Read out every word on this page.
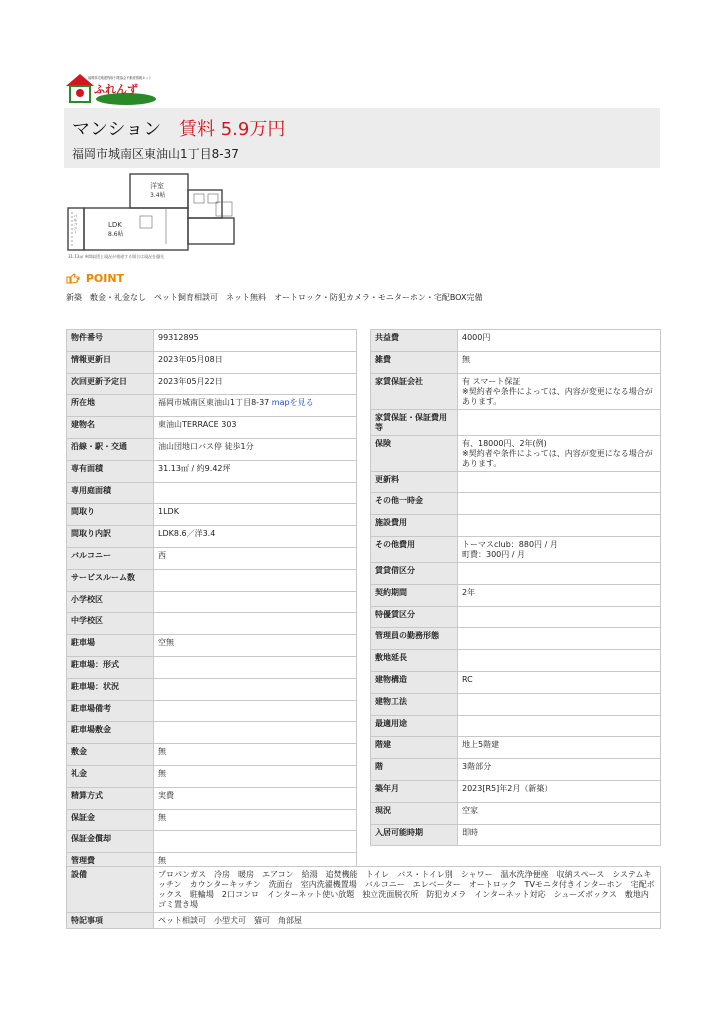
福岡県宅地建物取引業協会不動産情報ネット
ふれんず
マンション 賃料 5.9万円
福岡市城南区東油山1丁目8-37
洋室
3.4帖
LDK
8.6帖
バルコニー
31.13㎡ ※間取図と現況が相違する場合は現況を優先
POINT
新築　敷金・礼金なし　ペット飼育相談可　ネット無料　オートロック・防犯カメラ・モニターホン・宅配BOX完備
物件番号	99312895
情報更新日	2023年05月08日
次回更新予定日	2023年05月22日
所在地	福岡市城南区東油山1丁目8-37 mapを見る
建物名	東油山TERRACE 303
沿線・駅・交通	油山団地口バス停 徒歩1分
専有面積	31.13㎡ / 約9.42坪
専用庭面積	
間取り	1LDK
間取り内訳	LDK8.6／洋3.4
バルコニー	西
サービスルーム数	
小学校区	
中学校区	
駐車場	空無
駐車場：形式	
駐車場：状況	
駐車場備考	
駐車場敷金	
敷金	無
礼金	無
精算方式	実費
保証金	無
保証金償却	
管理費	無
共益費	4000円
雑費	無
家賃保証会社	有 スマート保証
※契約者や条件によっては、内容が変更になる場合があります。
家賃保証・保証費用等	
保険	有、18000円、2年(例)
※契約者や条件によっては、内容が変更になる場合があります。
更新料	
その他一時金	
施設費用	
その他費用	トーマスclub：880円 / 月
町費：300円 / 月
賃貸借区分	
契約期間	2年
特優賃区分	
管理員の勤務形態	
敷地延長	
建物構造	RC
建物工法	
最適用途	
階建	地上5階建
階	3階部分
築年月	2023[R5]年2月（新築）
現況	空家
入居可能時期	即時
設備	プロパンガス　冷房　暖房　エアコン　給湯　追焚機能　トイレ　バス・トイレ別　シャワー　温水洗浄便座　収納スペース　システムキッチン　カウンターキッチン　洗面台　室内洗濯機置場　バルコニー　エレベーター　オートロック　TVモニタ付きインターホン　宅配ボックス　駐輪場　2口コンロ　インターネット使い放題　独立洗面脱衣所　防犯カメラ　インターネット対応　シューズボックス　敷地内ゴミ置き場
特記事項	ペット相談可　小型犬可　猫可　角部屋
